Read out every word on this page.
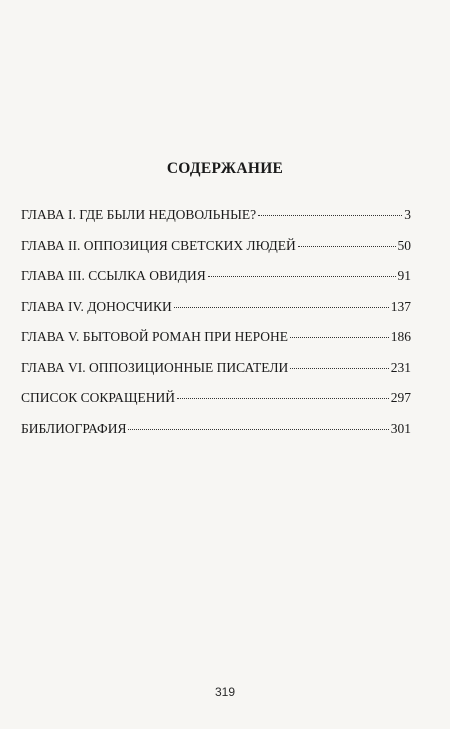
СОДЕРЖАНИЕ
ГЛАВА I. ГДЕ БЫЛИ НЕДОВОЛЬНЫЕ?	3
ГЛАВА II. ОППОЗИЦИЯ СВЕТСКИХ ЛЮДЕЙ	50
ГЛАВА III. ССЫЛКА ОВИДИЯ	91
ГЛАВА IV. ДОНОСЧИКИ	137
ГЛАВА V. БЫТОВОЙ РОМАН ПРИ НЕРОНЕ	186
ГЛАВА VI. ОППОЗИЦИОННЫЕ ПИСАТЕЛИ	231
СПИСОК СОКРАЩЕНИЙ	297
БИБЛИОГРАФИЯ	301
319
